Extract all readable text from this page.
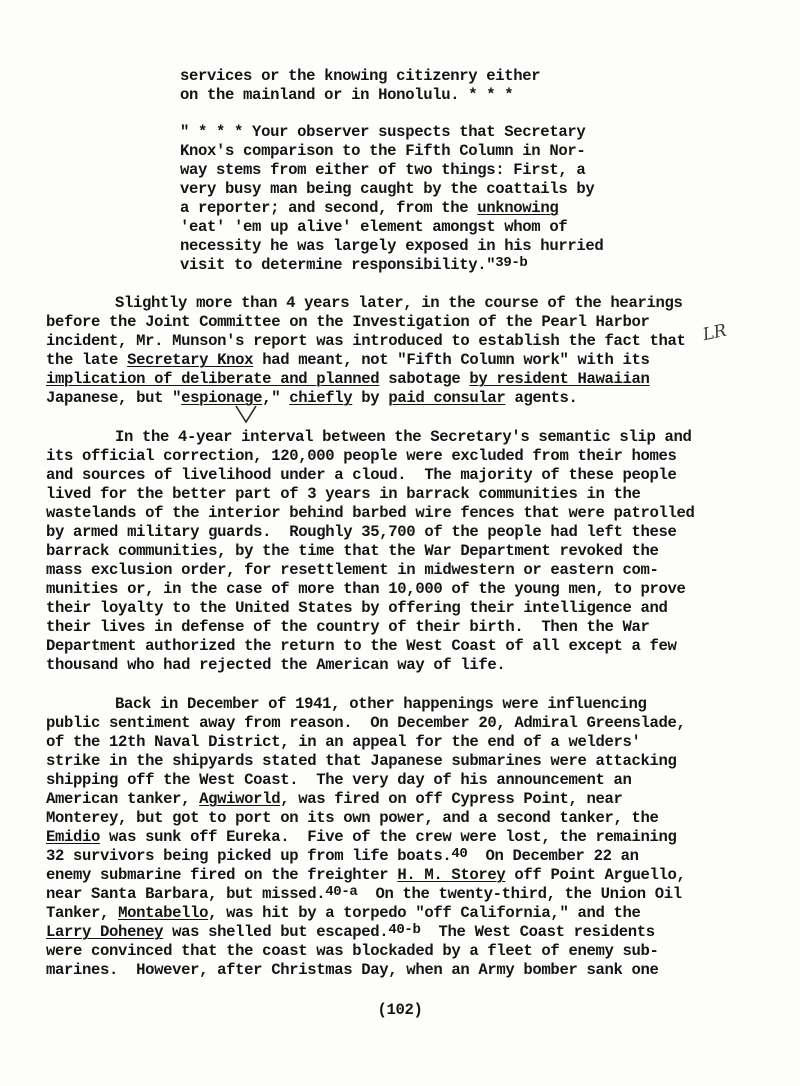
services or the knowing citizenry either
on the mainland or in Honolulu. * * *
" * * * Your observer suspects that Secretary
Knox's comparison to the Fifth Column in Nor-
way stems from either of two things: First, a
very busy man being caught by the coattails by
a reporter; and second, from the unknowing
'eat' 'em up alive' element amongst whom of
necessity he was largely exposed in his hurried
visit to determine responsibility."39-b
Slightly more than 4 years later, in the course of the hearings
before the Joint Committee on the Investigation of the Pearl Harbor
incident, Mr. Munson's report was introduced to establish the fact that
the late Secretary Knox had meant, not "Fifth Column work" with its
implication of deliberate and planned sabotage by resident Hawaiian
Japanese, but "espionage," chiefly by paid consular agents.
In the 4-year interval between the Secretary's semantic slip and
its official correction, 120,000 people were excluded from their homes
and sources of livelihood under a cloud.  The majority of these people
lived for the better part of 3 years in barrack communities in the
wastelands of the interior behind barbed wire fences that were patrolled
by armed military guards.  Roughly 35,700 of the people had left these
barrack communities, by the time that the War Department revoked the
mass exclusion order, for resettlement in midwestern or eastern com-
munities or, in the case of more than 10,000 of the young men, to prove
their loyalty to the United States by offering their intelligence and
their lives in defense of the country of their birth.  Then the War
Department authorized the return to the West Coast of all except a few
thousand who had rejected the American way of life.
Back in December of 1941, other happenings were influencing
public sentiment away from reason.  On December 20, Admiral Greenslade,
of the 12th Naval District, in an appeal for the end of a welders'
strike in the shipyards stated that Japanese submarines were attacking
shipping off the West Coast.  The very day of his announcement an
American tanker, Agwiworld, was fired on off Cypress Point, near
Monterey, but got to port on its own power, and a second tanker, the
Emidio was sunk off Eureka.  Five of the crew were lost, the remaining
32 survivors being picked up from life boats.40  On December 22 an
enemy submarine fired on the freighter H. M. Storey off Point Arguello,
near Santa Barbara, but missed.40-a  On the twenty-third, the Union Oil
Tanker, Montabello, was hit by a torpedo "off California," and the
Larry Doheney was shelled but escaped.40-b  The West Coast residents
were convinced that the coast was blockaded by a fleet of enemy sub-
marines.  However, after Christmas Day, when an Army bomber sank one
LR
(102)
